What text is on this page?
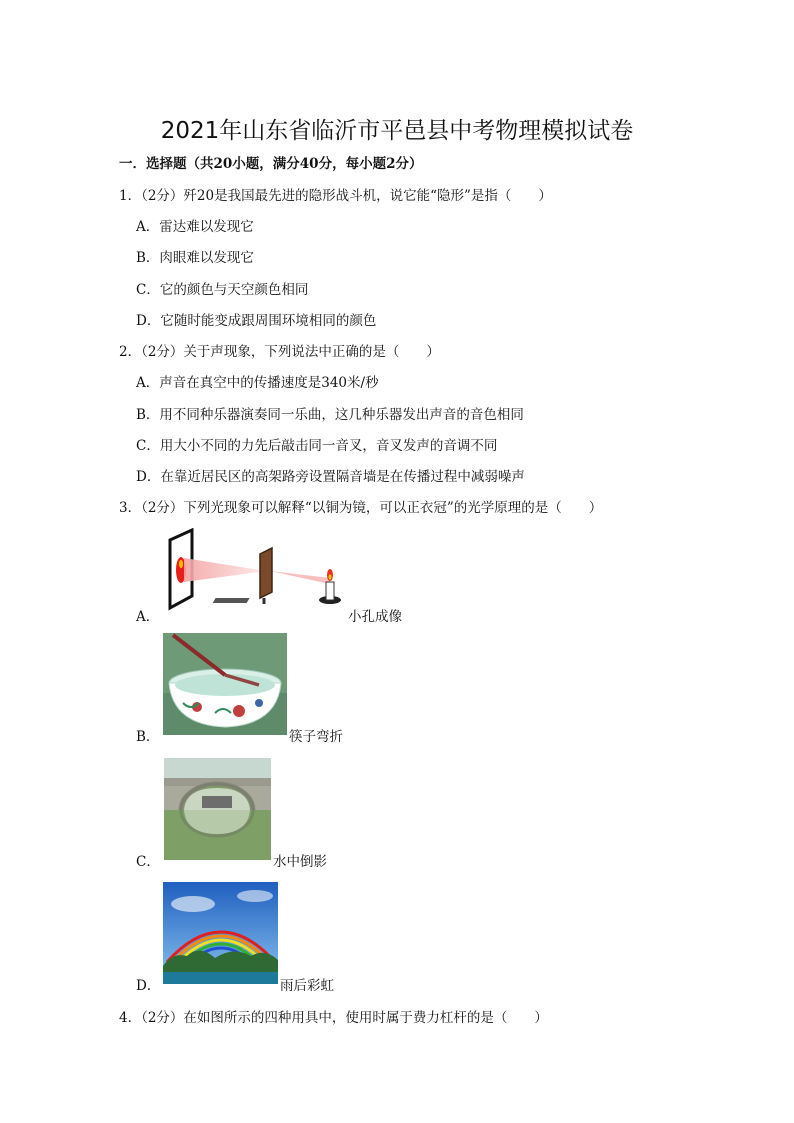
2021年山东省临沂市平邑县中考物理模拟试卷
一．选择题（共20小题，满分40分，每小题2分）
1．（2分）歼20是我国最先进的隐形战斗机，说它能“隐形”是指（　　）
A．雷达难以发现它
B．肉眼难以发现它
C．它的颜色与天空颜色相同
D．它随时能变成跟周围环境相同的颜色
2．（2分）关于声现象，下列说法中正确的是（　　）
A．声音在真空中的传播速度是340米/秒
B．用不同种乐器演奏同一乐曲，这几种乐器发出声音的音色相同
C．用大小不同的力先后敲击同一音叉，音叉发声的音调不同
D．在靠近居民区的高架路旁设置隔音墙是在传播过程中减弱噪声
3．（2分）下列光现象可以解释“以铜为镜，可以正衣冠”的光学原理的是（　　）
A．	小孔成像
B．	筷子弯折
C．	水中倒影
D．	雨后彩虹
4．（2分）在如图所示的四种用具中，使用时属于费力杠杆的是（　　）
